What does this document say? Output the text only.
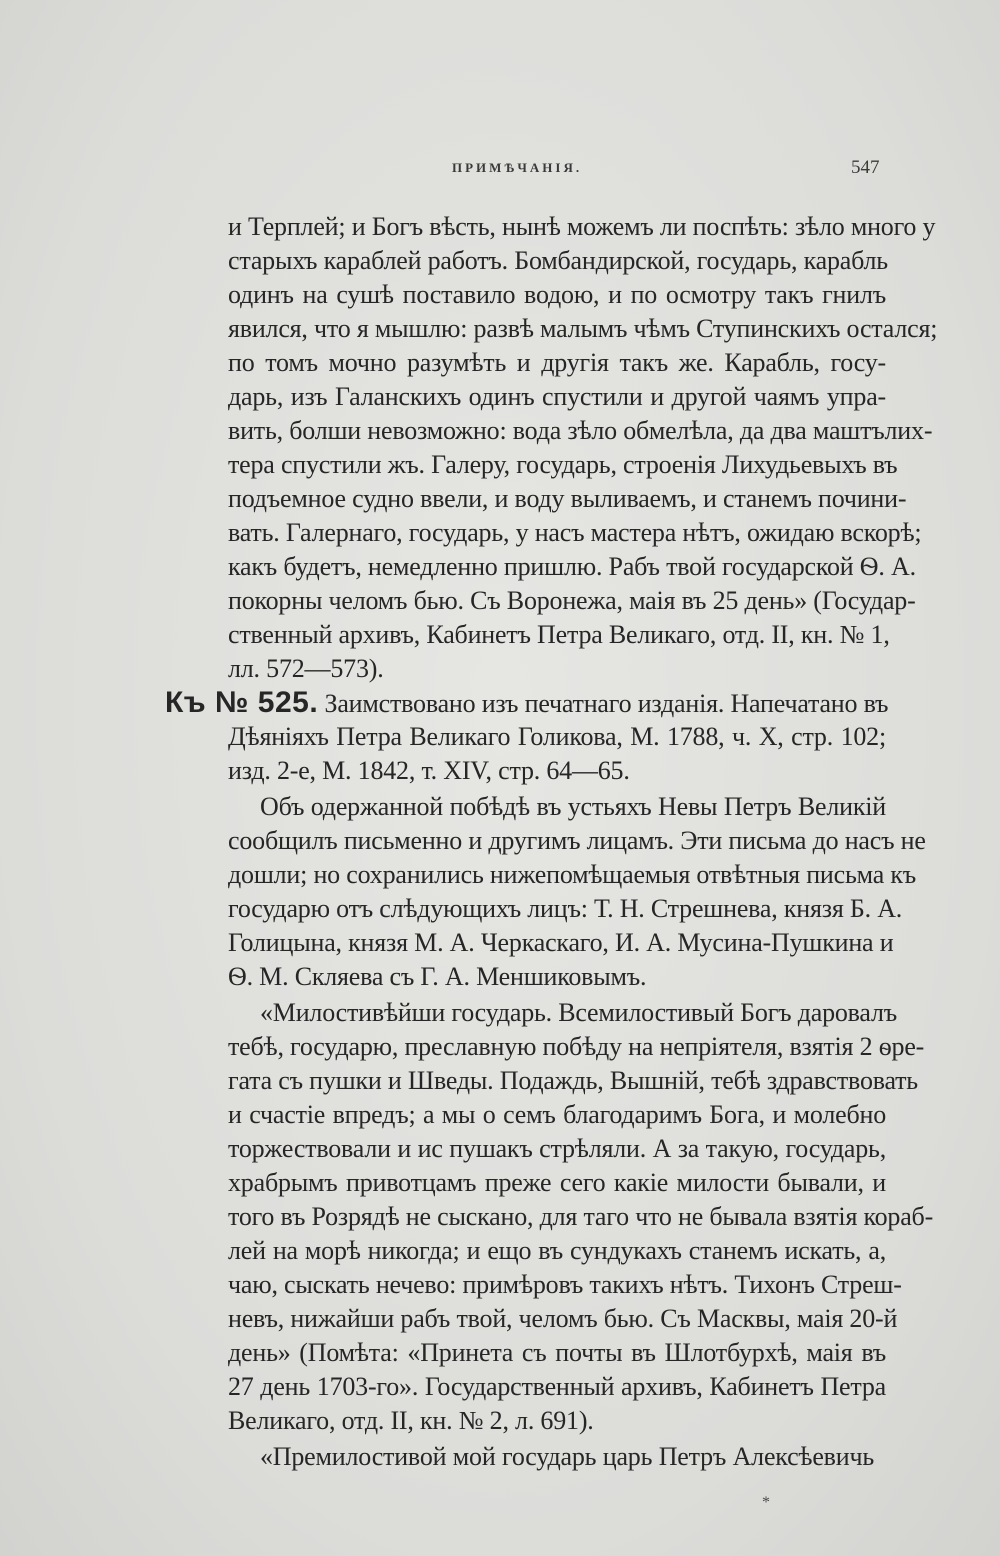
ПРИМѢЧАНІЯ.	547
и Терплей; и Богъ вѣсть, нынѣ можемъ ли поспѣть: зѣло много у
старыхъ караблей работъ. Бомбандирской, государь, карабль
одинъ на сушѣ поставило водою, и по осмотру такъ гнилъ
явился, что я мышлю: развѣ малымъ чѣмъ Ступинскихъ остался;
по томъ мочно разумѣть и другія такъ же. Карабль, госу-
дарь, изъ Галанскихъ одинъ спустили и другой чаямъ упра-
вить, болши невозможно: вода зѣло обмелѣла, да два маштълих-
тера спустили жъ. Галеру, государь, строенія Лихудьевыхъ въ
подъемное судно ввели, и воду выливаемъ, и станемъ почини-
вать. Галернаго, государь, у насъ мастера нѣтъ, ожидаю вскорѣ;
какъ будетъ, немедленно пришлю. Рабъ твой государской Ѳ. А.
покорны челомъ бью. Съ Воронежа, маія въ 25 день» (Государ-
ственный архивъ, Кабинетъ Петра Великаго, отд. II, кн. № 1,
лл. 572—573).
Къ № 525. Заимствовано изъ печатнаго изданія. Напечатано въ
Дѣяніяхъ Петра Великаго Голикова, М. 1788, ч. X, стр. 102;
изд. 2-е, М. 1842, т. XIV, стр. 64—65.
Объ одержанной побѣдѣ въ устьяхъ Невы Петръ Великій
сообщилъ письменно и другимъ лицамъ. Эти письма до насъ не
дошли; но сохранились нижепомѣщаемыя отвѣтныя письма къ
государю отъ слѣдующихъ лицъ: Т. Н. Стрешнева, князя Б. А.
Голицына, князя М. А. Черкаскаго, И. А. Мусина-Пушкина и
Ѳ. М. Скляева съ Г. А. Меншиковымъ.
«Милостивѣйши государь. Всемилостивый Богъ даровалъ
тебѣ, государю, преславную побѣду на непріятеля, взятія 2 ѳре-
гата съ пушки и Шведы. Подаждь, Вышній, тебѣ здравствовать
и счастіе впредъ; а мы о семъ благодаримъ Бога, и молебно
торжествовали и ис пушакъ стрѣляли. А за такую, государь,
храбрымъ привотцамъ преже сего какіе милости бывали, и
того въ Розрядѣ не сыскано, для таго что не бывала взятія кораб-
лей на морѣ никогда; и ещо въ сундукахъ станемъ искать, а,
чаю, сыскать нечево: примѣровъ такихъ нѣтъ. Тихонъ Стреш-
невъ, нижайши рабъ твой, челомъ бью. Съ Масквы, маія 20-й
день» (Помѣта: «Принета съ почты въ Шлотбурхѣ, маія въ
27 день 1703-го». Государственный архивъ, Кабинетъ Петра
Великаго, отд. II, кн. № 2, л. 691).
«Премилостивой мой государь царь Петръ Алексѣевичь
*
